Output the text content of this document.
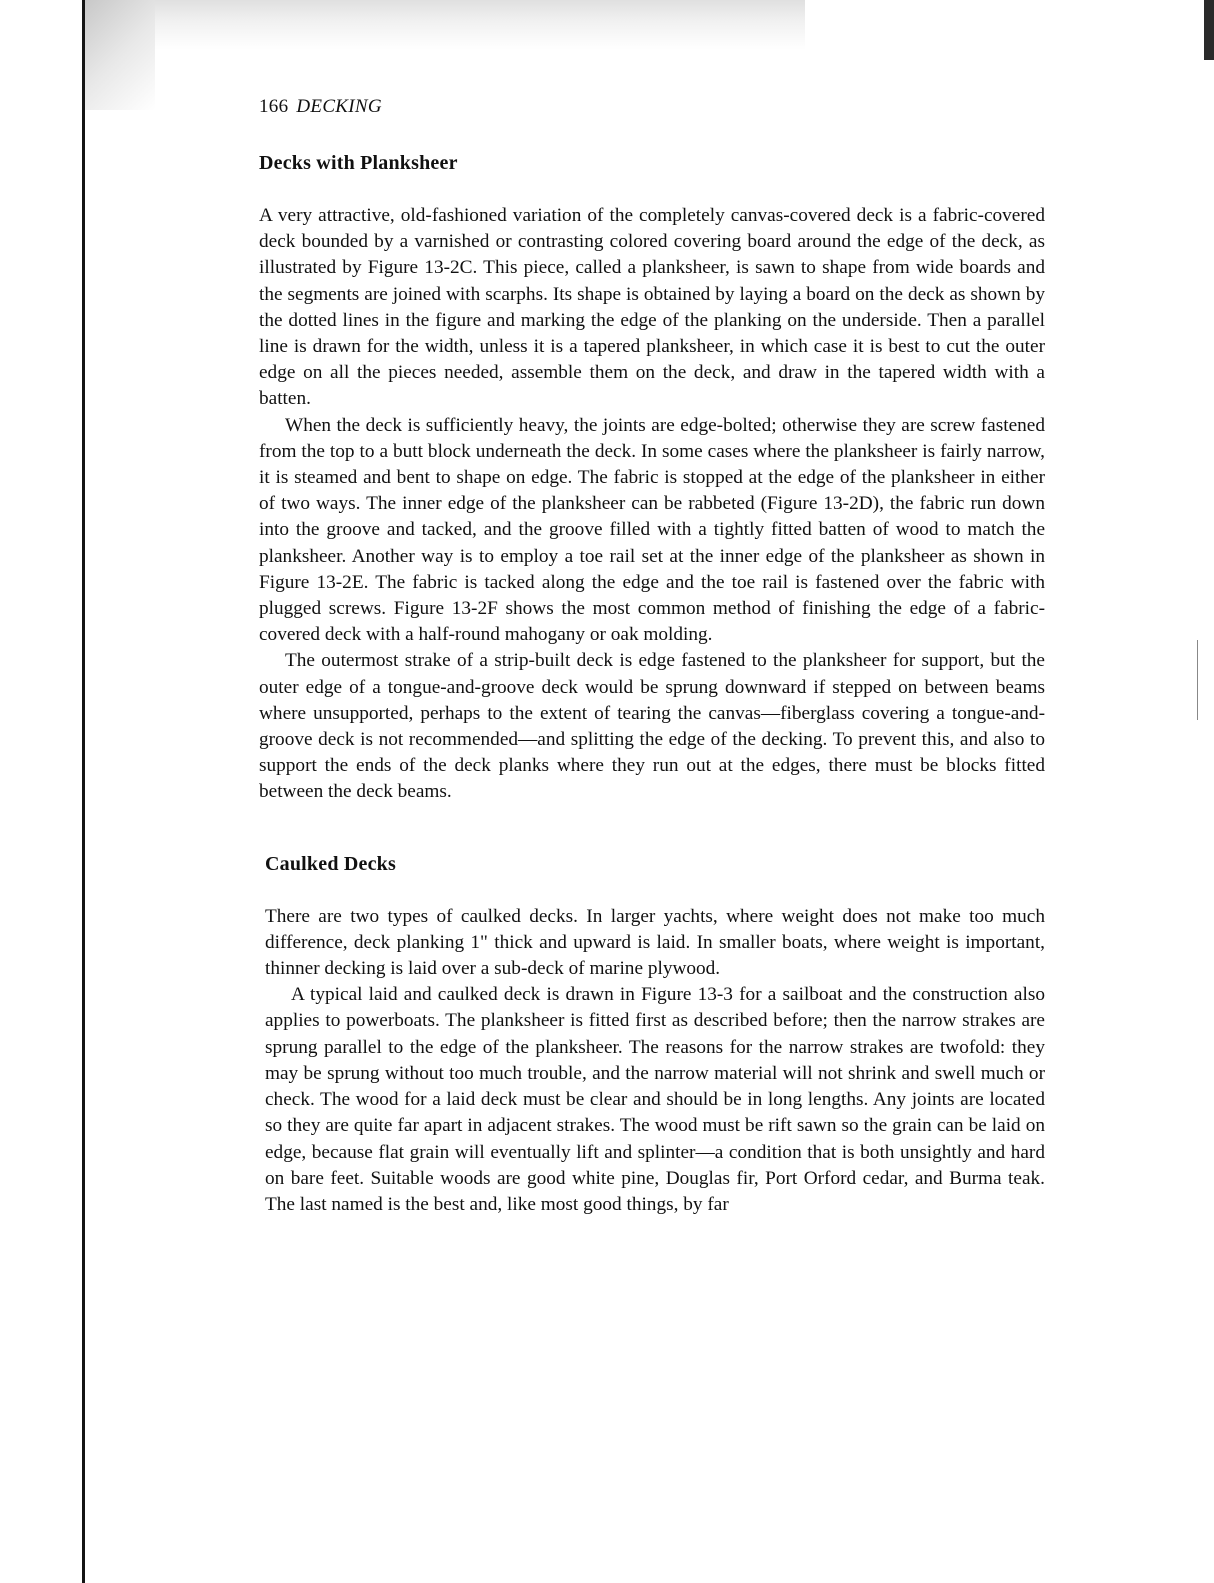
166 DECKING

Decks with Planksheer

A very attractive, old-fashioned variation of the completely canvas-covered deck is a fabric-covered deck bounded by a varnished or contrasting colored covering board around the edge of the deck, as illustrated by Figure 13-2C. This piece, called a planksheer, is sawn to shape from wide boards and the segments are joined with scarphs. Its shape is obtained by laying a board on the deck as shown by the dotted lines in the figure and marking the edge of the planking on the underside. Then a parallel line is drawn for the width, unless it is a tapered planksheer, in which case it is best to cut the outer edge on all the pieces needed, assemble them on the deck, and draw in the tapered width with a batten.

When the deck is sufficiently heavy, the joints are edge-bolted; otherwise they are screw fastened from the top to a butt block underneath the deck. In some cases where the planksheer is fairly narrow, it is steamed and bent to shape on edge. The fabric is stopped at the edge of the planksheer in either of two ways. The inner edge of the planksheer can be rabbeted (Figure 13-2D), the fabric run down into the groove and tacked, and the groove filled with a tightly fitted batten of wood to match the planksheer. Another way is to employ a toe rail set at the inner edge of the planksheer as shown in Figure 13-2E. The fabric is tacked along the edge and the toe rail is fastened over the fabric with plugged screws. Figure 13-2F shows the most common method of finishing the edge of a fabric-covered deck with a half-round mahogany or oak molding.

The outermost strake of a strip-built deck is edge fastened to the planksheer for support, but the outer edge of a tongue-and-groove deck would be sprung downward if stepped on between beams where unsupported, perhaps to the extent of tearing the canvas—fiberglass covering a tongue-and-groove deck is not recommended—and splitting the edge of the decking. To prevent this, and also to support the ends of the deck planks where they run out at the edges, there must be blocks fitted between the deck beams.

Caulked Decks

There are two types of caulked decks. In larger yachts, where weight does not make too much difference, deck planking 1" thick and upward is laid. In smaller boats, where weight is important, thinner decking is laid over a sub-deck of marine plywood.

A typical laid and caulked deck is drawn in Figure 13-3 for a sailboat and the construction also applies to powerboats. The planksheer is fitted first as described before; then the narrow strakes are sprung parallel to the edge of the planksheer. The reasons for the narrow strakes are twofold: they may be sprung without too much trouble, and the narrow material will not shrink and swell much or check. The wood for a laid deck must be clear and should be in long lengths. Any joints are located so they are quite far apart in adjacent strakes. The wood must be rift sawn so the grain can be laid on edge, because flat grain will eventually lift and splinter—a condition that is both unsightly and hard on bare feet. Suitable woods are good white pine, Douglas fir, Port Orford cedar, and Burma teak. The last named is the best and, like most good things, by far
